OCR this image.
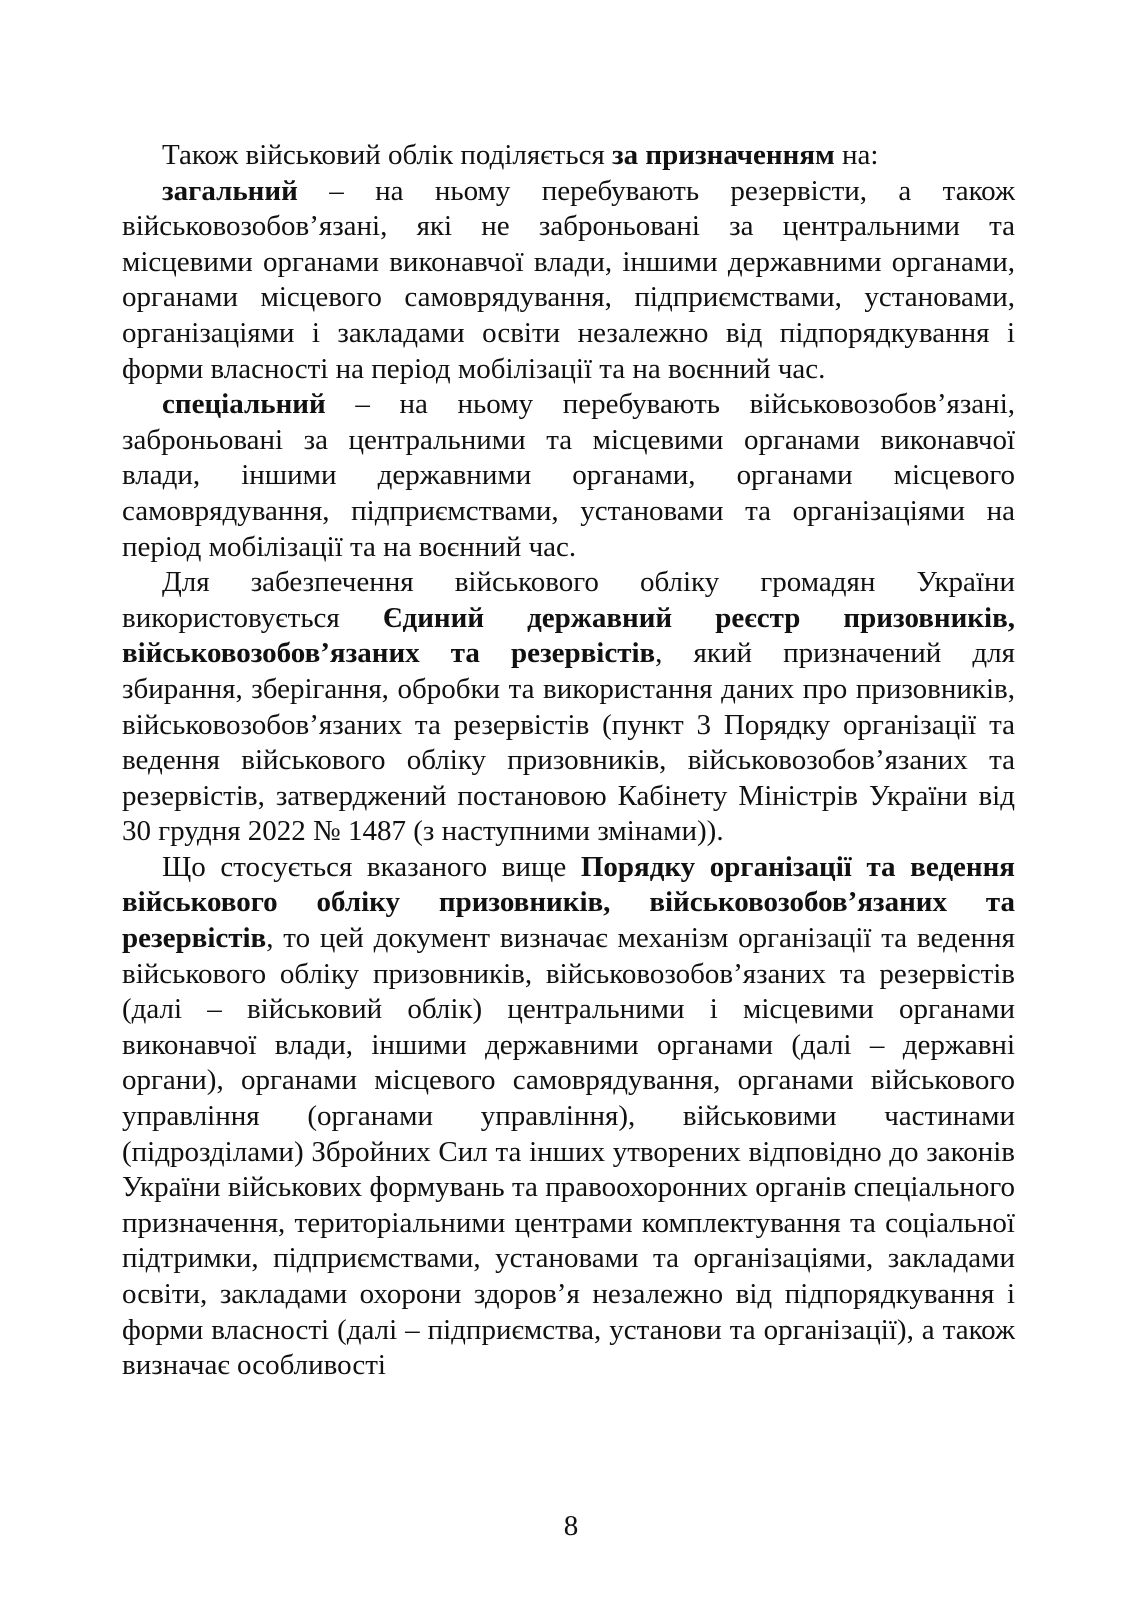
Також військовий облік поділяється за призначенням на:

загальний – на ньому перебувають резервісти, а також військовозобов’язані, які не заброньовані за центральними та місцевими органами виконавчої влади, іншими державними органами, органами місцевого самоврядування, підприємствами, установами, організаціями і закладами освіти незалежно від підпорядкування і форми власності на період мобілізації та на воєнний час.

спеціальний – на ньому перебувають військовозобов’язані, заброньовані за центральними та місцевими органами виконавчої влади, іншими державними органами, органами місцевого самоврядування, підприємствами, установами та організаціями на період мобілізації та на воєнний час.

Для забезпечення військового обліку громадян України використовується Єдиний державний реєстр призовників, військовозобов’язаних та резервістів, який призначений для збирання, зберігання, обробки та використання даних про призовників, військовозобов’язаних та резервістів (пункт 3 Порядку організації та ведення військового обліку призовників, військовозобов’язаних та резервістів, затверджений постановою Кабінету Міністрів України від 30 грудня 2022 № 1487 (з наступними змінами)).

Що стосується вказаного вище Порядку організації та ведення військового обліку призовників, військовозобов’язаних та резервістів, то цей документ визначає механізм організації та ведення військового обліку призовників, військовозобов’язаних та резервістів (далі – військовий облік) центральними і місцевими органами виконавчої влади, іншими державними органами (далі – державні органи), органами місцевого самоврядування, органами військового управління (органами управління), військовими частинами (підрозділами) Збройних Сил та інших утворених відповідно до законів України військових формувань та правоохоронних органів спеціального призначення, територіальними центрами комплектування та соціальної підтримки, підприємствами, установами та організаціями, закладами освіти, закладами охорони здоров’я незалежно від підпорядкування і форми власності (далі – підприємства, установи та організації), а також визначає особливості

8
